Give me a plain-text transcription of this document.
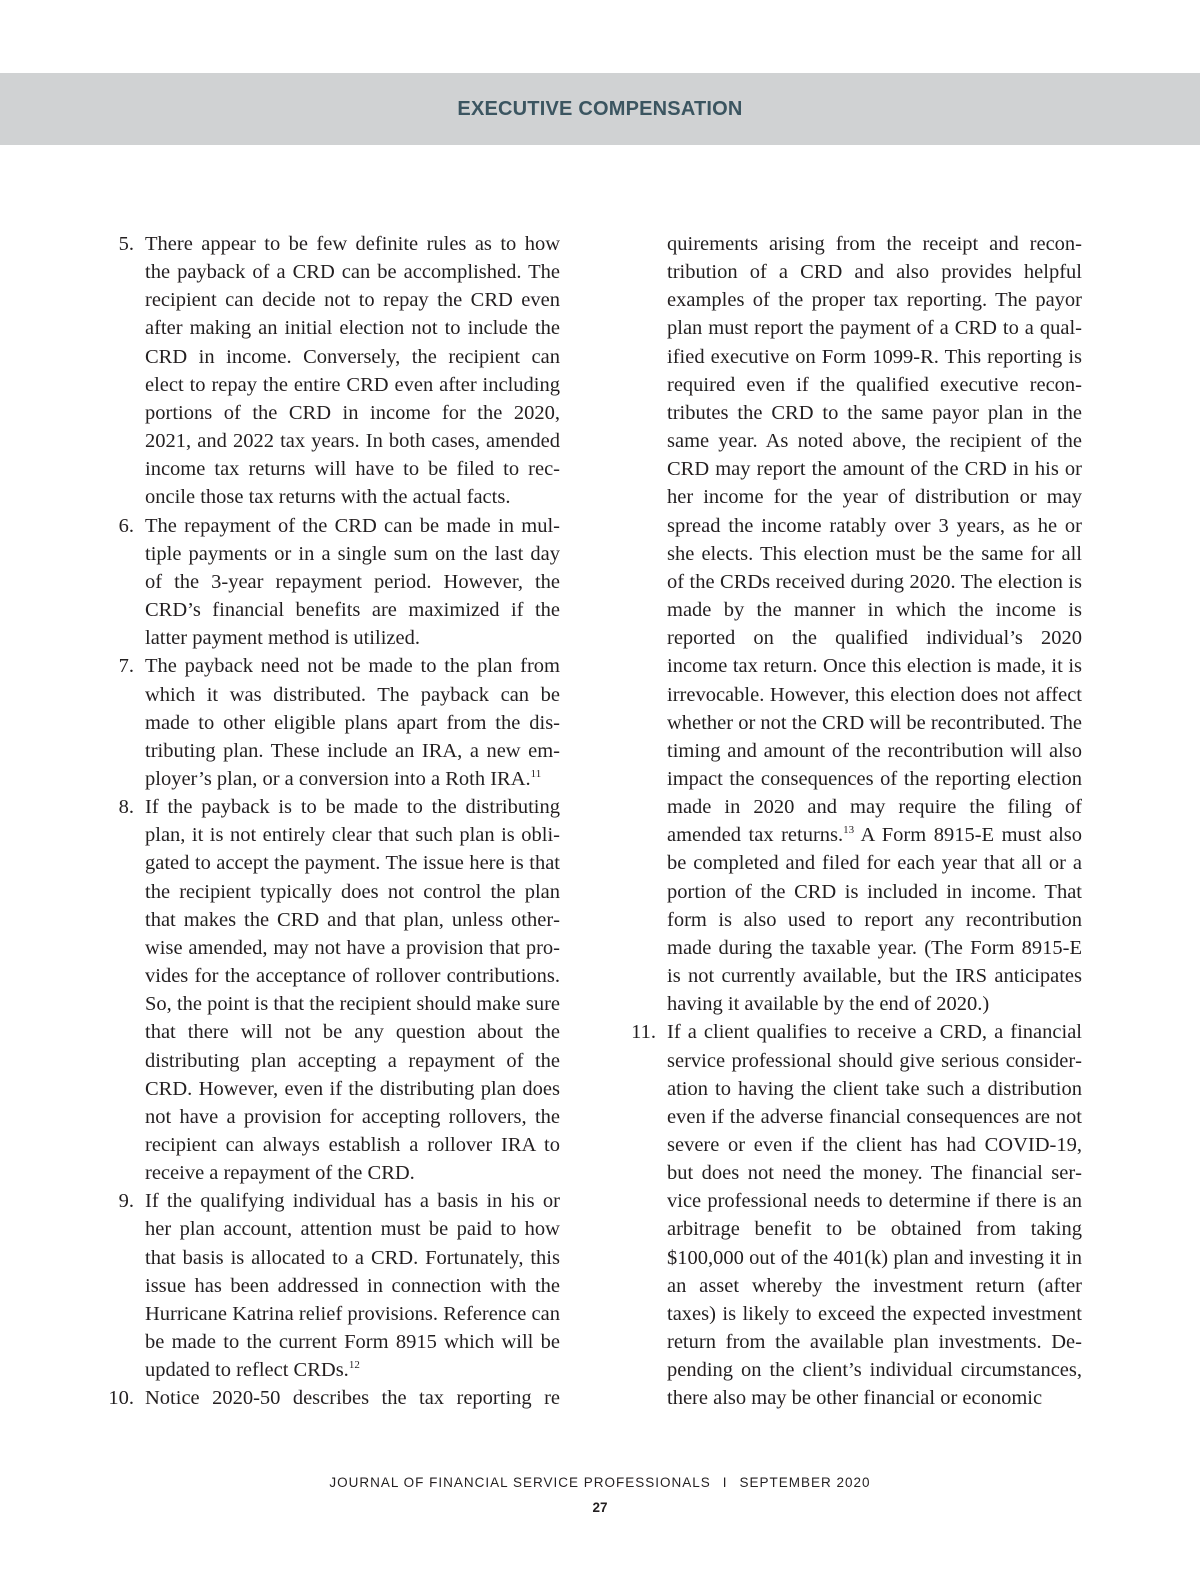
EXECUTIVE COMPENSATION
5. There appear to be few definite rules as to how the payback of a CRD can be accomplished. The recipient can decide not to repay the CRD even after making an initial election not to include the CRD in income. Conversely, the recipient can elect to repay the entire CRD even after including portions of the CRD in income for the 2020, 2021, and 2022 tax years. In both cases, amended income tax returns will have to be filed to reconcile those tax returns with the actual facts.
6. The repayment of the CRD can be made in multiple payments or in a single sum on the last day of the 3-year repayment period. However, the CRD’s financial benefits are maximized if the latter payment method is utilized.
7. The payback need not be made to the plan from which it was distributed. The payback can be made to other eligible plans apart from the distributing plan. These include an IRA, a new employer’s plan, or a conversion into a Roth IRA.$^{11}$
8. If the payback is to be made to the distributing plan, it is not entirely clear that such plan is obligated to accept the payment. The issue here is that the recipient typically does not control the plan that makes the CRD and that plan, unless otherwise amended, may not have a provision that provides for the acceptance of rollover contributions. So, the point is that the recipient should make sure that there will not be any question about the distributing plan accepting a repayment of the CRD. However, even if the distributing plan does not have a provision for accepting rollovers, the recipient can always establish a rollover IRA to receive a repayment of the CRD.
9. If the qualifying individual has a basis in his or her plan account, attention must be paid to how that basis is allocated to a CRD. Fortunately, this issue has been addressed in connection with the Hurricane Katrina relief provisions. Reference can be made to the current Form 8915 which will be updated to reflect CRDs.$^{12}$
10. Notice 2020-50 describes the tax reporting re
quirements arising from the receipt and recontribution of a CRD and also provides helpful examples of the proper tax reporting. The payor plan must report the payment of a CRD to a qualified executive on Form 1099-R. This reporting is required even if the qualified executive recontributes the CRD to the same payor plan in the same year. As noted above, the recipient of the CRD may report the amount of the CRD in his or her income for the year of distribution or may spread the income ratably over 3 years, as he or she elects. This election must be the same for all of the CRDs received during 2020. The election is made by the manner in which the income is reported on the qualified individual’s 2020 income tax return. Once this election is made, it is irrevocable. However, this election does not affect whether or not the CRD will be recontributed. The timing and amount of the recontribution will also impact the consequences of the reporting election made in 2020 and may require the filing of amended tax returns.$^{13}$ A Form 8915-E must also be completed and filed for each year that all or a portion of the CRD is included in income. That form is also used to report any recontribution made during the taxable year. (The Form 8915-E is not currently available, but the IRS anticipates having it available by the end of 2020.)
11. If a client qualifies to receive a CRD, a financial service professional should give serious consideration to having the client take such a distribution even if the adverse financial consequences are not severe or even if the client has had COVID-19, but does not need the money. The financial service professional needs to determine if there is an arbitrage benefit to be obtained from taking $100,000 out of the 401(k) plan and investing it in an asset whereby the investment return (after taxes) is likely to exceed the expected investment return from the available plan investments. Depending on the client’s individual circumstances, there also may be other financial or economic
JOURNAL OF FINANCIAL SERVICE PROFESSIONALS I SEPTEMBER 2020
27
